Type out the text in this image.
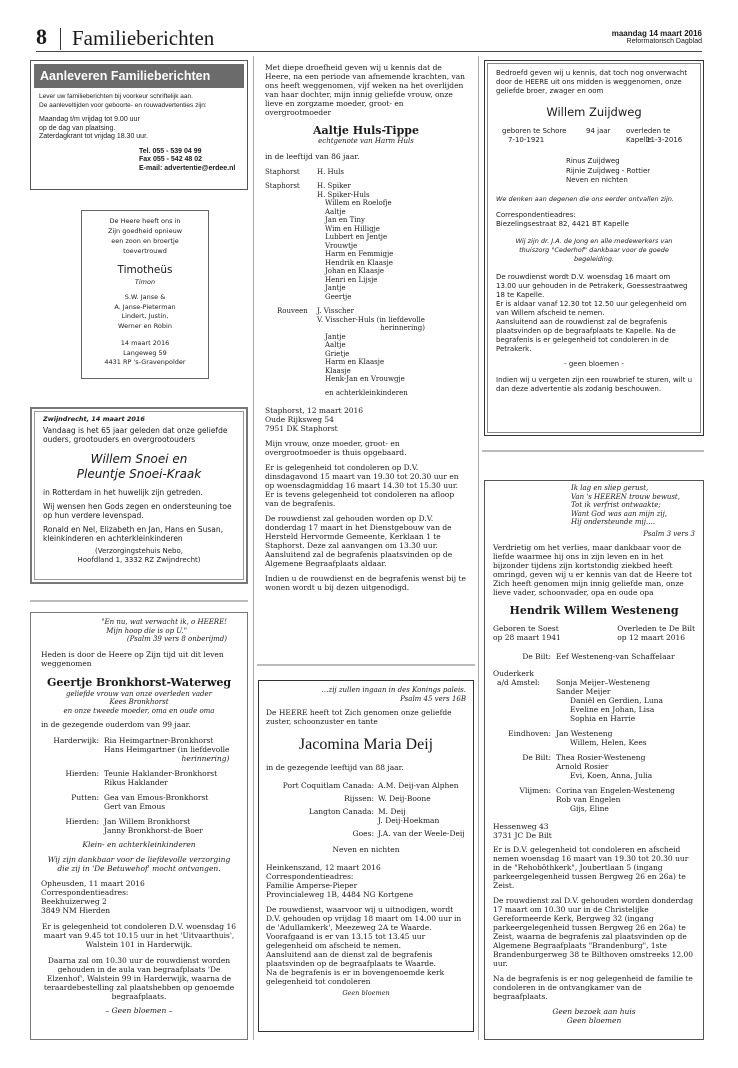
8 Familieberichten	maandag 14 maart 2016
Reformatorisch Dagblad
Aanleveren Familieberichten
Lever uw familieberichten bij voorkeur schriftelijk aan.
De aanleveltijden voor geboorte- en rouwadvertenties zijn:
Maandag t/m vrijdag tot 9.00 uur
op de dag van plaatsing.
Zaterdagkrant tot vrijdag 18.30 uur.
Tel. 055 - 539 04 99
Fax 055 - 542 48 02
E-mail: advertentie@erdee.nl
De Heere heeft ons in
Zijn goedheid opnieuw
een zoon en broertje
toevertrouwd
Timotheüs
Timon
S.W. Janse &
A. Janse-Pieterman
Lindert, Justin,
Werner en Robin
14 maart 2016
Langeweg 59
4431 RP 's-Gravenpolder
Zwijndrecht, 14 maart 2016
Vandaag is het 65 jaar geleden dat onze geliefde ouders, grootouders en overgrootouders
Willem Snoei en
Pleuntje Snoei-Kraak
in Rotterdam in het huwelijk zijn getreden.
Wij wensen hen Gods zegen en ondersteuning toe op hun verdere levenspad.
Ronald en Nel, Elizabeth en Jan, Hans en Susan, kleinkinderen en achterkleinkinderen
(Verzorgingstehuis Nebo,
Hoofdland 1, 3332 RZ Zwijndrecht)
"En nu, wat verwacht ik, o HEERE!
Mijn hoop die is op U."
(Psalm 39 vers 8 onberijmd)
Heden is door de Heere op Zijn tijd uit dit leven weggenomen
Geertje Bronkhorst-Waterweg
geliefde vrouw van onze overleden vader
Kees Bronkhorst
en onze tweede moeder, oma en oude oma
in de gezegende ouderdom van 99 jaar.
Harderwijk: Ria Heimgartner-Bronkhorst
Hans Heimgartner (in liefdevolle
herinnering)
Hierden: Teunie Haklander-Bronkhorst
Rikus Haklander
Putten: Gea van Emous-Bronkhorst
Gert van Emous
Hierden: Jan Willem Bronkhorst
Janny Bronkhorst-de Boer
Klein- en achterkleinkinderen
Wij zijn dankbaar voor de liefdevolle verzorging die zij in 'De Betuwehof' mocht ontvangen.
Opheusden, 11 maart 2016
Correspondentieadres:
Beekhuizerweg 2
3849 NM Hierden
Er is gelegenheid tot condoleren D.V. woensdag 16 maart van 9.45 tot 10.15 uur in het 'Uitvaarthuis', Walstein 101 in Harderwijk.
Daarna zal om 10.30 uur de rouwdienst worden gehouden in de aula van begraafplaats 'De Elzenhof', Walstein 99 in Harderwijk, waarna de teraardebestelling zal plaatshebben op genoemde begraafplaats.
– Geen bloemen –
Met diepe droefheid geven wij u kennis dat de Heere, na een periode van afnemende krachten, van ons heeft weggenomen, vijf weken na het overlijden van haar dochter, mijn innig geliefde vrouw, onze lieve en zorgzame moeder, groot- en overgrootmoeder
Aaltje Huls-Tippe
echtgenote van Harm Huls
in de leeftijd van 86 jaar.
Staphorst	H. Huls
Staphorst	H. Spiker
H. Spiker-Huls
Willem en Roelofje
Aaltje
Jan en Tiny
Wim en Hilligje
Lubbert en Jentje
Vrouwtje
Harm en Femmigje
Hendrik en Klaasje
Johan en Klaasje
Henri en Lijsje
Jantje
Geertje
Rouveen	J. Visscher
V. Visscher-Huls (in liefdevolle
herinnering)
Jantje
Aaltje
Grietje
Harm en Klaasje
Klaasje
Henk-Jan en Vrouwgje
en achterkleinkinderen
Staphorst, 12 maart 2016
Oude Rijksweg 54
7951 DK Staphorst
Mijn vrouw, onze moeder, groot- en overgrootmoeder is thuis opgebaard.
Er is gelegenheid tot condoleren op D.V. dinsdagavond 15 maart van 19.30 tot 20.30 uur en op woensdagmiddag 16 maart 14.30 tot 15.30 uur. Er is tevens gelegenheid tot condoleren na afloop van de begrafenis.
De rouwdienst zal gehouden worden op D.V. donderdag 17 maart in het Dienstgebouw van de Hersteld Hervormde Gemeente, Kerklaan 1 te Staphorst. Deze zal aanvangen om 13.30 uur. Aansluitend zal de begrafenis plaatsvinden op de Algemene Begraafplaats aldaar.
Indien u de rouwdienst en de begrafenis wenst bij te wonen wordt u bij dezen uitgenodigd.
…zij zullen ingaan in des Konings paleis.
Psalm 45 vers 16B
De HEERE heeft tot Zich genomen onze geliefde zuster, schoonzuster en tante
Jacomina Maria Deij
in de gezegende leeftijd van 88 jaar.
Port Coquitlam Canada: A.M. Deij-van Alphen
Rijssen: W. Deij-Boone
Langton Canada: M. Deij
J. Deij-Hoekman
Goes: J.A. van der Weele-Deij
Neven en nichten
Heinkenszand, 12 maart 2016
Correspondentieadres:
Familie Amperse-Pieper
Provincialeweg 1B, 4484 NG Kortgene
De rouwdienst, waarvoor wij u uitnodigen, wordt D.V. gehouden op vrijdag 18 maart om 14.00 uur in de 'Adullamkerk', Meezeweg 2A te Waarde. Voorafgaand is er van 13.15 tot 13.45 uur gelegenheid om afscheid te nemen.
Aansluitend aan de dienst zal de begrafenis plaatsvinden op de begraafplaats te Waarde.
Na de begrafenis is er in bovengenoemde kerk gelegenheid tot condoleren
Geen bloemen
Bedroefd geven wij u kennis, dat toch nog onverwacht door de HEERE uit ons midden is weggenomen, onze geliefde broer, zwager en oom
Willem Zuijdweg
geboren te Schore
7-10-1921
94 jaar overleden te Kapelle
11-3-2016
Rinus Zuijdweg
Rijnie Zuijdweg - Rottier
Neven en nichten
We denken aan degenen die ons eerder ontvallen zijn.
Correspondentieadres:
Biezelingsestraat 82, 4421 BT Kapelle
Wij zijn dr. J.A. de Jong en alle medewerkers van thuiszorg "Cederhof" dankbaar voor de goede begeleiding.
De rouwdienst wordt D.V. woensdag 16 maart om 13.00 uur gehouden in de Petrakerk, Goessestraatweg 18 te Kapelle.
Er is aldaar vanaf 12.30 tot 12.50 uur gelegenheid om van Willem afscheid te nemen.
Aansluitend aan de rouwdienst zal de begrafenis plaatsvinden op de begraafplaats te Kapelle. Na de begrafenis is er gelegenheid tot condoleren in de Petrakerk.
- geen bloemen -
Indien wij u vergeten zijn een rouwbrief te sturen, wilt u dan deze advertentie als zodanig beschouwen.
Ik lag en sliep gerust,
Van 's HEEREN trouw bewust,
Tot ik verfrist ontwaakte;
Want God was aan mijn zij,
Hij ondersteunde mij….
Psalm 3 vers 3
Verdrietig om het verlies, maar dankbaar voor de liefde waarmee hij ons in zijn leven en in het bijzonder tijdens zijn kortstondig ziekbed heeft omringd, geven wij u er kennis van dat de Heere tot Zich heeft genomen mijn innig geliefde man, onze lieve vader, schoonvader, opa en oude opa
Hendrik Willem Westeneng
Geboren te Soest
op 28 maart 1941
Overleden te De Bilt
op 12 maart 2016
De Bilt: Eef Westeneng-van Schaffelaar
Ouderkerk
a/d Amstel:	Sonja Meijer–Westeneng
Sander Meijer
Daniël en Gerdien, Luna
Eveline en Johan, Lisa
Sophia en Harrie
Eindhoven: Jan Westeneng
Willem, Helen, Kees
De Bilt: Thea Rosier-Westeneng
Arnold Rosier
Evi, Koen, Anna, Julia
Vlijmen: Corina van Engelen-Westeneng
Rob van Engelen
Gijs, Eline
Hessenweg 43
3731 JC De Bilt
Er is D.V. gelegenheid tot condoleren en afscheid nemen woensdag 16 maart van 19.30 tot 20.30 uur in de "Rehobôthkerk", Joubertlaan 5 (ingang parkeergelegenheid tussen Bergweg 26 en 26a) te Zeist.
De rouwdienst zal D.V. gehouden worden donderdag 17 maart om 10.30 uur in de Christelijke Gereformeerde Kerk, Bergweg 32 (ingang parkeergelegenheid tussen Bergweg 26 en 26a) te Zeist, waarna de begrafenis zal plaatsvinden op de Algemene Begraafplaats "Brandenburg", 1ste Brandenburgerweg 38 te Bilthoven omstreeks 12.00 uur.
Na de begrafenis is er nog gelegenheid de familie te condoleren in de ontvangkamer van de begraafplaats.
Geen bezoek aan huis
Geen bloemen
